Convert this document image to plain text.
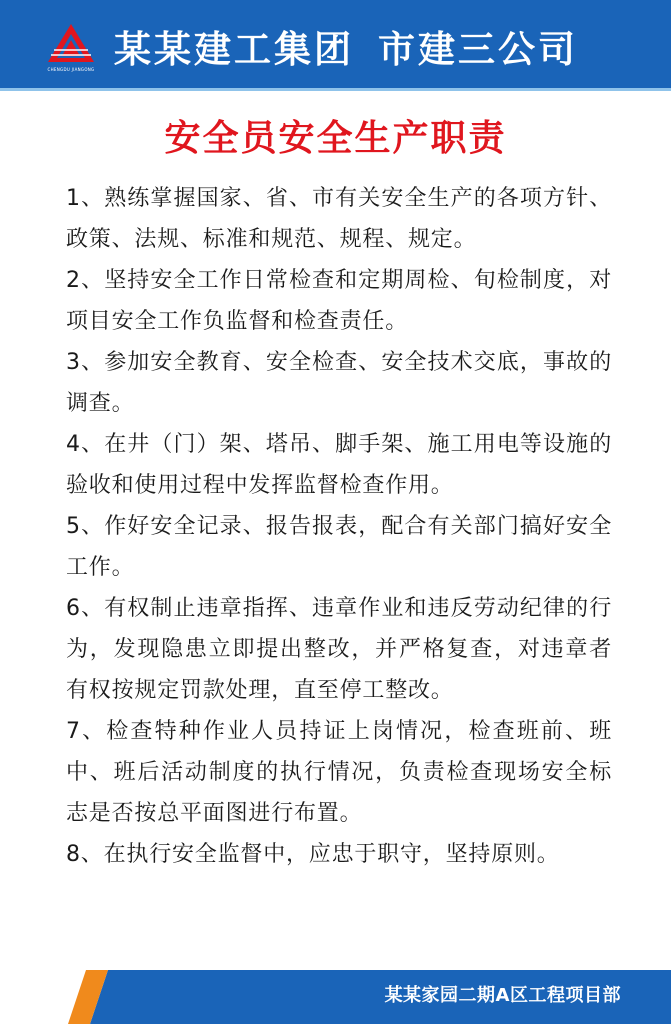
CHENGDU JIANGONG 某某建工集团 市建三公司
安全员安全生产职责
1、熟练掌握国家、省、市有关安全生产的各项方针、政策、法规、标准和规范、规程、规定。
2、坚持安全工作日常检查和定期周检、旬检制度，对项目安全工作负监督和检查责任。
3、参加安全教育、安全检查、安全技术交底，事故的调查。
4、在井（门）架、塔吊、脚手架、施工用电等设施的验收和使用过程中发挥监督检查作用。
5、作好安全记录、报告报表，配合有关部门搞好安全工作。
6、有权制止违章指挥、违章作业和违反劳动纪律的行为，发现隐患立即提出整改，并严格复查，对违章者有权按规定罚款处理，直至停工整改。
7、检查特种作业人员持证上岗情况，检查班前、班中、班后活动制度的执行情况，负责检查现场安全标志是否按总平面图进行布置。
8、在执行安全监督中，应忠于职守，坚持原则。
某某家园二期A区工程项目部
